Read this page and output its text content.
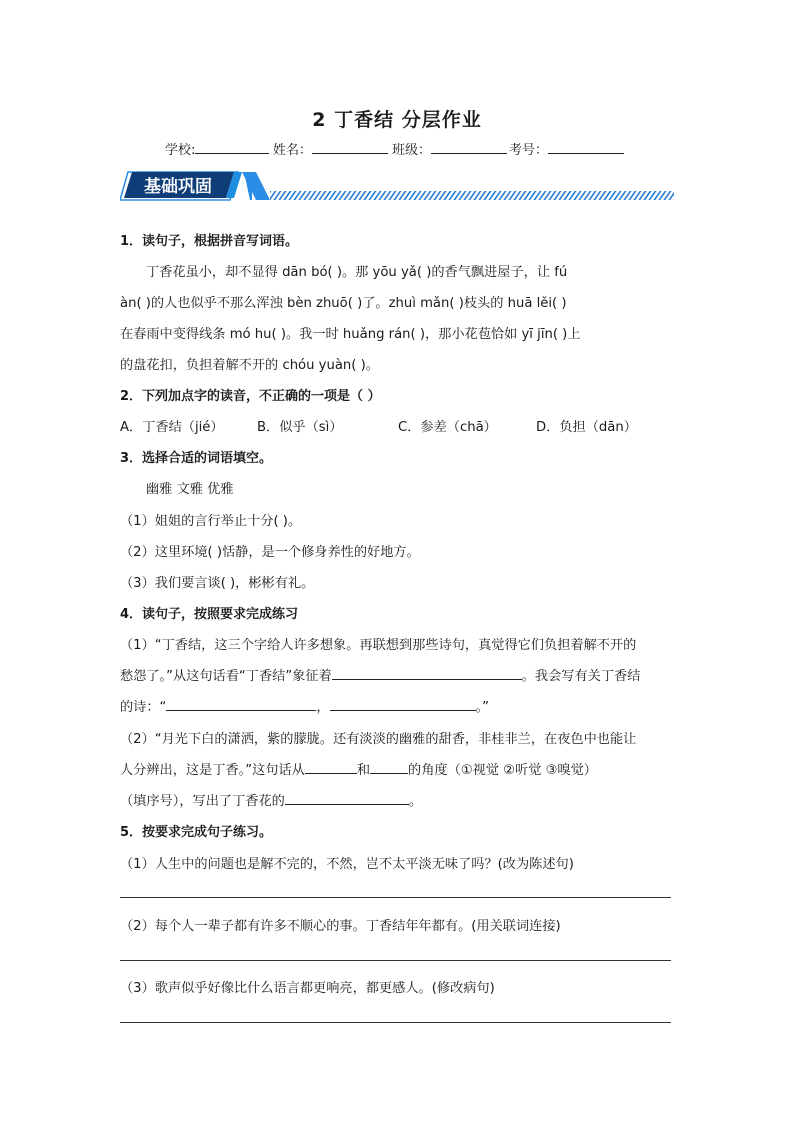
2 丁香结 分层作业
学校:	姓名：	班级：	考号：
基础巩固
1．读句子，根据拼音写词语。
丁香花虽小，却不显得 dān bó( )。那 yōu yǎ( )的香气飘进屋子，让 fú
àn( )的人也似乎不那么浑浊 bèn zhuō( )了。zhuì mǎn( )枝头的 huā lěi( )
在春雨中变得线条 mó hu( )。我一时 huǎng rán( )，那小花苞恰如 yī jīn( )上
的盘花扣，负担着解不开的 chóu yuàn( )。
2．下列加点字的读音，不正确的一项是（ ）
A．丁香结（jié）	B．似乎（sì）	C．参差（chā）	D．负担（dān）
3．选择合适的词语填空。
幽雅 文雅 优雅
（1）姐姐的言行举止十分( )。
（2）这里环境( )恬静，是一个修身养性的好地方。
（3）我们要言谈( )，彬彬有礼。
4．读句子，按照要求完成练习
（1）“丁香结，这三个字给人许多想象。再联想到那些诗句，真觉得它们负担着解不开的
愁怨了。”从这句话看“丁香结”象征着	。我会写有关丁香结
的诗：“	，	。”
（2）“月光下白的潇洒，紫的朦胧。还有淡淡的幽雅的甜香，非桂非兰，在夜色中也能让
人分辨出，这是丁香。”这句话从	和	的角度（①视觉 ②听觉 ③嗅觉）
（填序号），写出了丁香花的	。
5．按要求完成句子练习。
（1）人生中的问题也是解不完的，不然，岂不太平淡无味了吗？(改为陈述句)
（2）每个人一辈子都有许多不顺心的事。丁香结年年都有。(用关联词连接)
（3）歌声似乎好像比什么语言都更响亮，都更感人。(修改病句)
